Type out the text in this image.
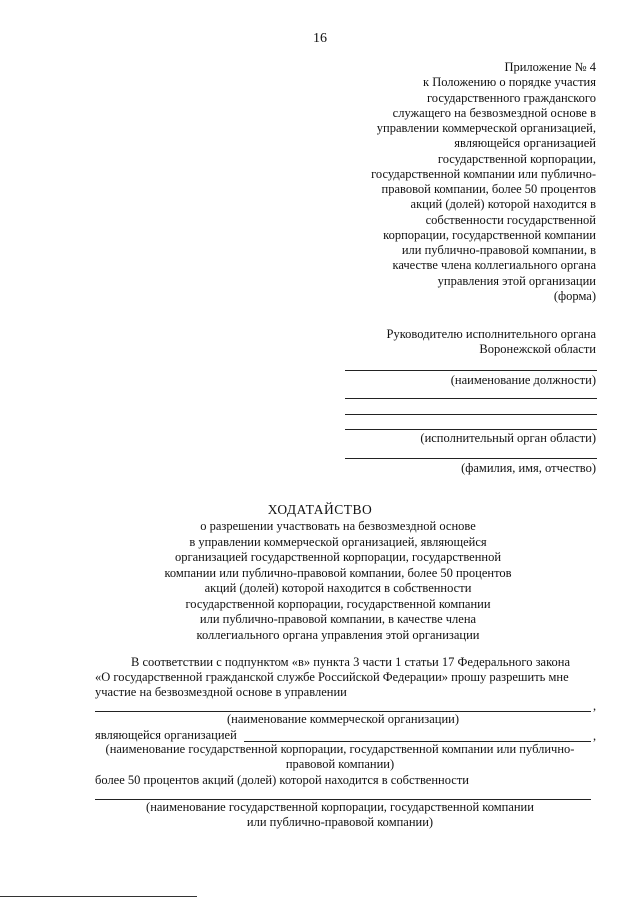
16
Приложение № 4
к Положению о порядке участия
государственного гражданского
служащего на безвозмездной основе в
управлении коммерческой организацией,
являющейся организацией
государственной корпорации,
государственной компании или публично-
правовой компании, более 50 процентов
акций (долей) которой находится в
собственности государственной
корпорации, государственной компании
или публично-правовой компании, в
качестве члена коллегиального органа
управления этой организации
(форма)
Руководителю исполнительного органа
Воронежской области
(наименование должности)
(исполнительный орган области)
(фамилия, имя, отчество)
ХОДАТАЙСТВО
о разрешении участвовать на безвозмездной основе
в управлении коммерческой организацией, являющейся
организацией государственной корпорации, государственной
компании или публично-правовой компании, более 50 процентов
акций (долей) которой находится в собственности
государственной корпорации, государственной компании
или публично-правовой компании, в качестве члена
коллегиального органа управления этой организации
В соответствии с подпунктом «в» пункта 3 части 1 статьи 17 Федерального закона
«О государственной гражданской службе Российской Федерации» прошу разрешить мне
участие на безвозмездной основе в управлении
,
(наименование коммерческой организации)
являющейся организацией	,
(наименование государственной корпорации, государственной компании или публично-
правовой компании)
более 50 процентов акций (долей) которой находится в собственности
(наименование государственной корпорации, государственной компании
или публично-правовой компании)
